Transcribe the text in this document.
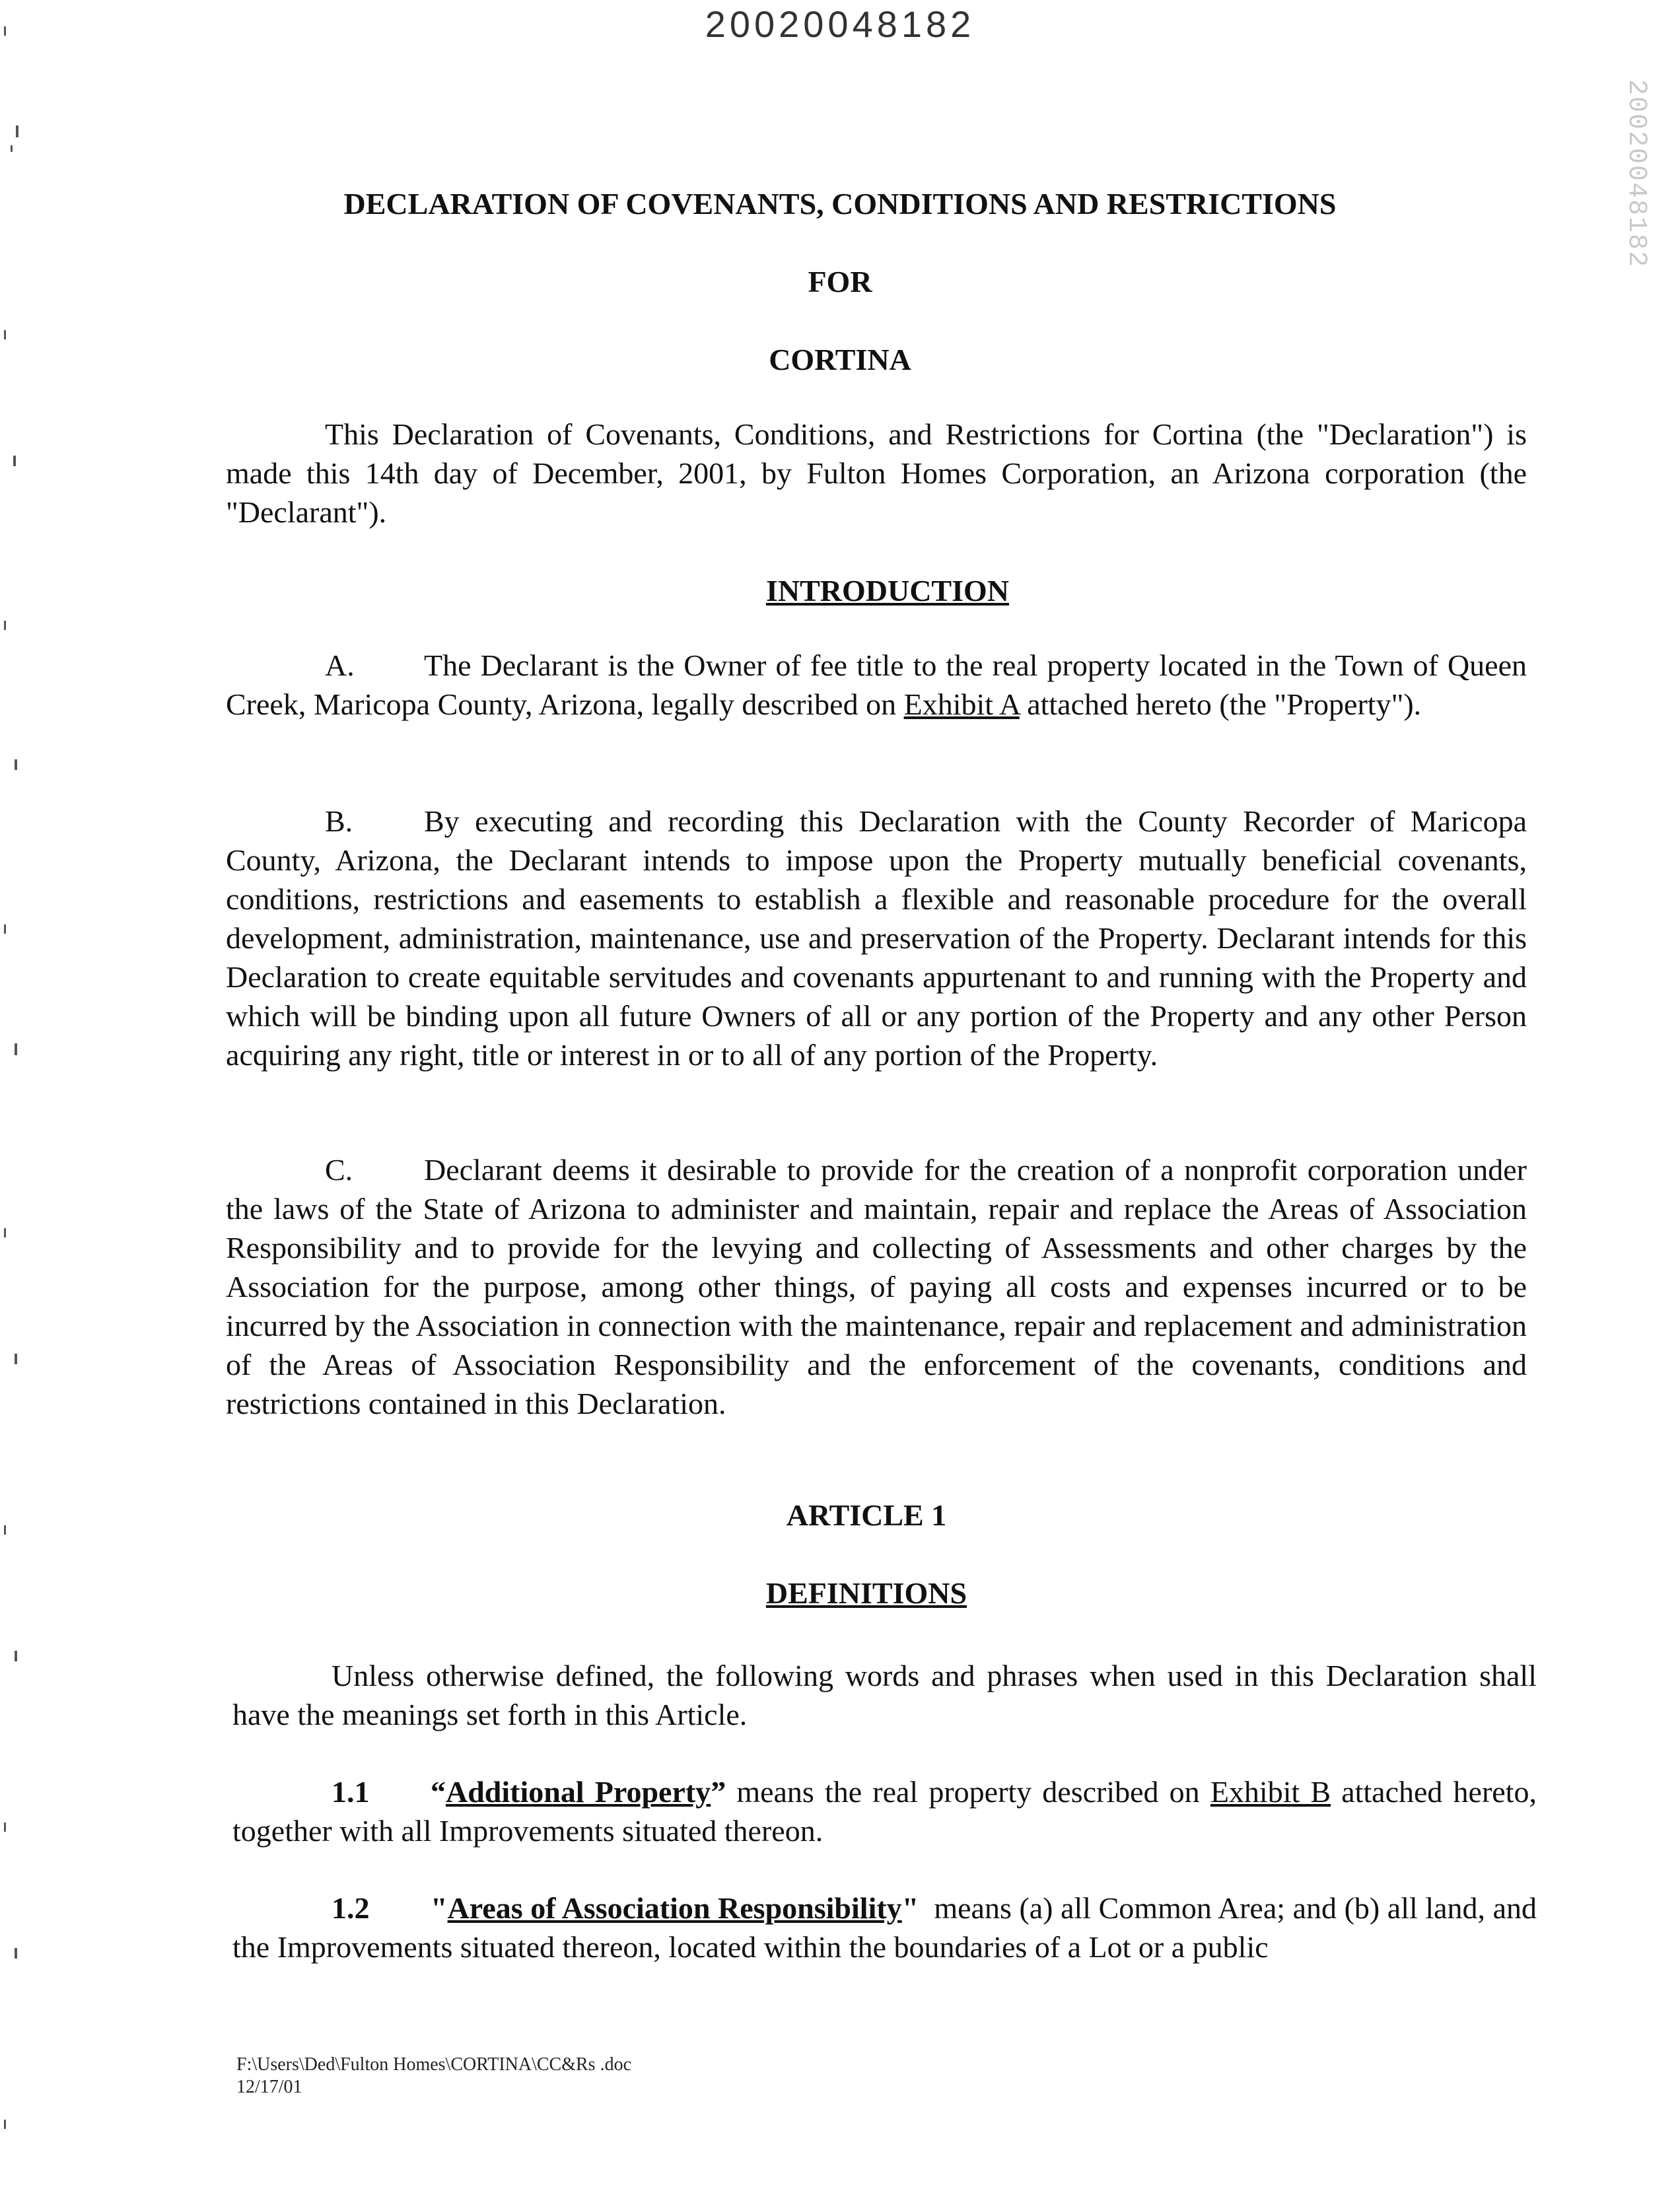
20020048182
20020048182
DECLARATION OF COVENANTS, CONDITIONS AND RESTRICTIONS
FOR
CORTINA

This Declaration of Covenants, Conditions, and Restrictions for Cortina (the "Declaration") is made this 14th day of December, 2001, by Fulton Homes Corporation, an Arizona corporation (the "Declarant").

INTRODUCTION

A. The Declarant is the Owner of fee title to the real property located in the Town of Queen Creek, Maricopa County, Arizona, legally described on Exhibit A attached hereto (the "Property").

B. By executing and recording this Declaration with the County Recorder of Maricopa County, Arizona, the Declarant intends to impose upon the Property mutually beneficial covenants, conditions, restrictions and easements to establish a flexible and reasonable procedure for the overall development, administration, maintenance, use and preservation of the Property. Declarant intends for this Declaration to create equitable servitudes and covenants appurtenant to and running with the Property and which will be binding upon all future Owners of all or any portion of the Property and any other Person acquiring any right, title or interest in or to all of any portion of the Property.

C. Declarant deems it desirable to provide for the creation of a nonprofit corporation under the laws of the State of Arizona to administer and maintain, repair and replace the Areas of Association Responsibility and to provide for the levying and collecting of Assessments and other charges by the Association for the purpose, among other things, of paying all costs and expenses incurred or to be incurred by the Association in connection with the maintenance, repair and replacement and administration of the Areas of Association Responsibility and the enforcement of the covenants, conditions and restrictions contained in this Declaration.

ARTICLE 1
DEFINITIONS

Unless otherwise defined, the following words and phrases when used in this Declaration shall have the meanings set forth in this Article.

1.1 “Additional Property” means the real property described on Exhibit B attached hereto, together with all Improvements situated thereon.

1.2 "Areas of Association Responsibility"  means (a) all Common Area; and (b) all land, and the Improvements situated thereon, located within the boundaries of a Lot or a public

F:\Users\Ded\Fulton Homes\CORTINA\CC&Rs .doc
12/17/01
